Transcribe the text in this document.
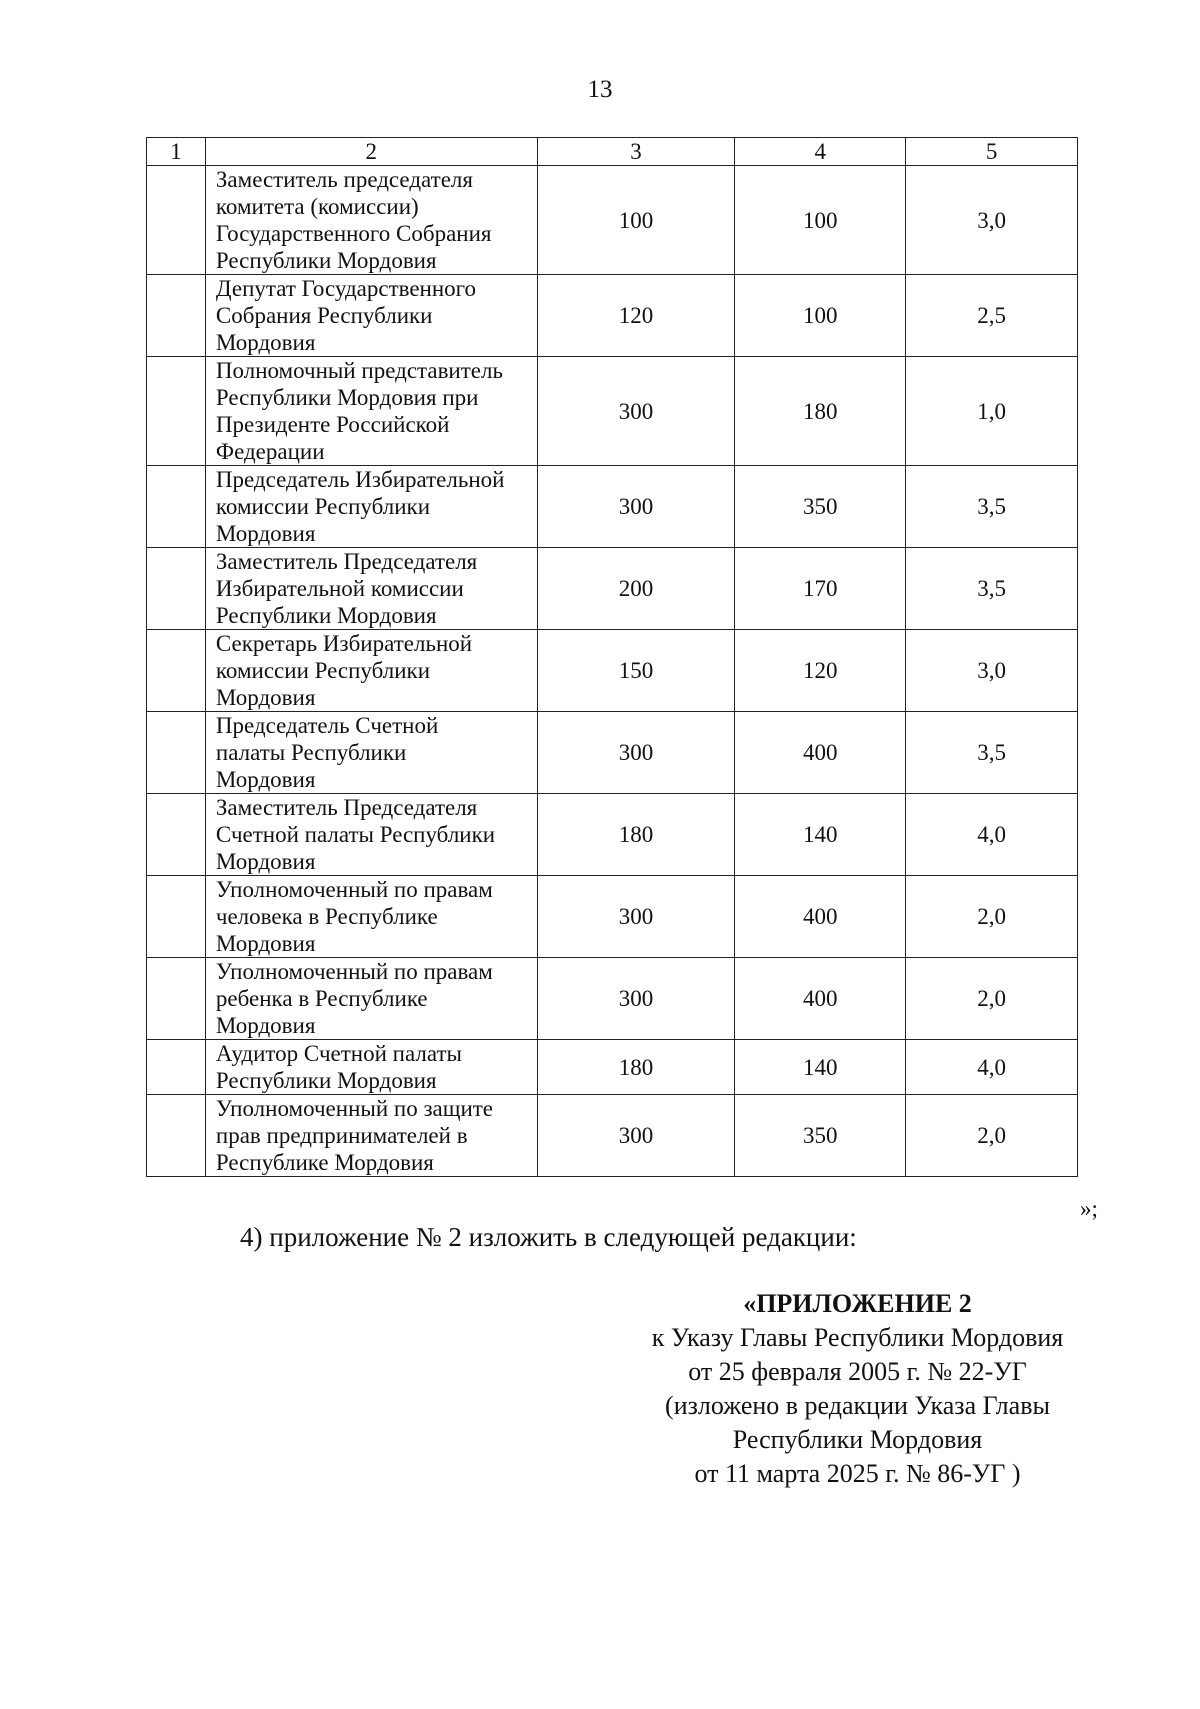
13
1	2	3	4	5

	Заместитель председателя
комитета (комиссии)
Государственного Собрания
Республики Мордовия	100	100	3,0

	Депутат Государственного
Собрания Республики
Мордовия	120	100	2,5

	Полномочный представитель
Республики Мордовия при
Президенте Российской
Федерации	300	180	1,0

	Председатель Избирательной
комиссии Республики
Мордовия	300	350	3,5

	Заместитель Председателя
Избирательной комиссии
Республики Мордовия	200	170	3,5

	Секретарь Избирательной
комиссии Республики
Мордовия	150	120	3,0

	Председатель Счетной
палаты Республики
Мордовия	300	400	3,5

	Заместитель Председателя
Счетной палаты Республики
Мордовия	180	140	4,0

	Уполномоченный по правам
человека в Республике
Мордовия	300	400	2,0

	Уполномоченный по правам
ребенка в Республике
Мордовия	300	400	2,0

	Аудитор Счетной палаты
Республики Мордовия	180	140	4,0

	Уполномоченный по защите
прав предпринимателей в
Республике Мордовия	300	350	2,0
»;
4) приложение № 2 изложить в следующей редакции:
«ПРИЛОЖЕНИЕ 2
к Указу Главы Республики Мордовия
от 25 февраля 2005 г. № 22-УГ
(изложено в редакции Указа Главы
Республики Мордовия
от 11 марта 2025 г. № 86-УГ )
